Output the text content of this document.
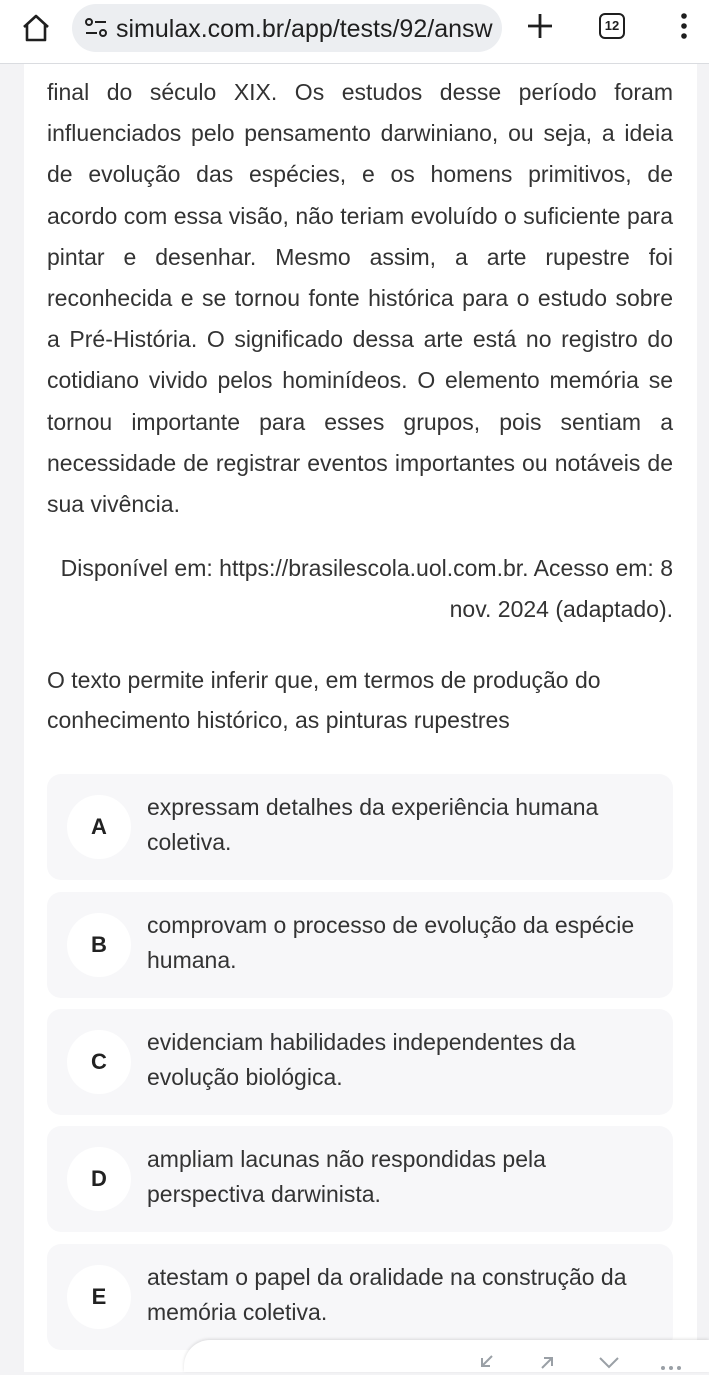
simulax.com.br/app/tests/92/answ	12

final do século XIX. Os estudos desse período foram influenciados pelo pensamento darwiniano, ou seja, a ideia de evolução das espécies, e os homens primitivos, de acordo com essa visão, não teriam evoluído o suficiente para pintar e desenhar. Mesmo assim, a arte rupestre foi reconhecida e se tornou fonte histórica para o estudo sobre a Pré-História. O significado dessa arte está no registro do cotidiano vivido pelos hominídeos. O elemento memória se tornou importante para esses grupos, pois sentiam a necessidade de registrar eventos importantes ou notáveis de sua vivência.

Disponível em: https://brasilescola.uol.com.br. Acesso em: 8 nov. 2024 (adaptado).

O texto permite inferir que, em termos de produção do conhecimento histórico, as pinturas rupestres

A
expressam detalhes da experiência humana coletiva.
B
comprovam o processo de evolução da espécie humana.
C
evidenciam habilidades independentes da evolução biológica.
D
ampliam lacunas não respondidas pela perspectiva darwinista.
E
atestam o papel da oralidade na construção da memória coletiva.
